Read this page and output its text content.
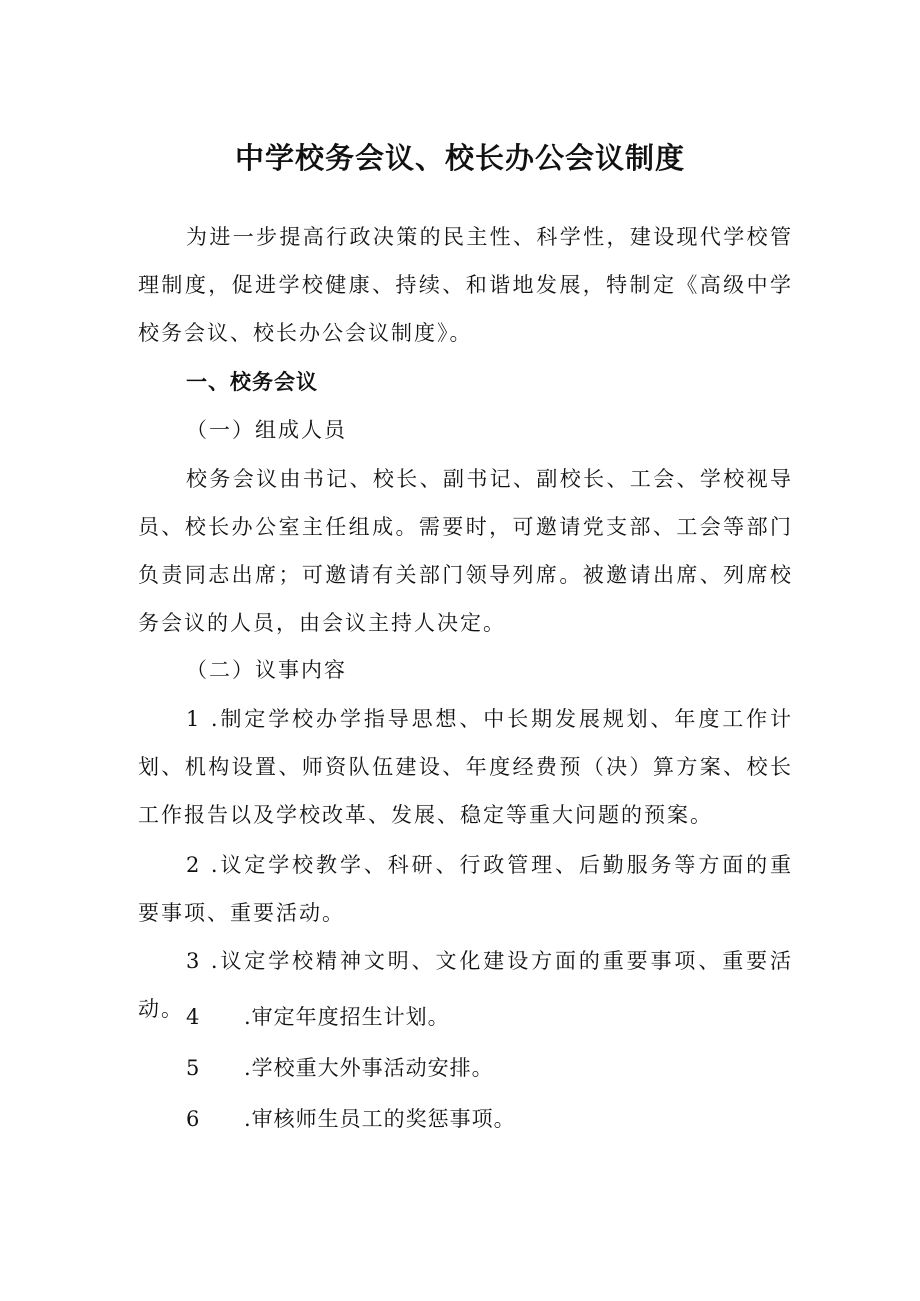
中学校务会议、校长办公会议制度
为进一步提高行政决策的民主性、科学性，建设现代学校管理制度，促进学校健康、持续、和谐地发展，特制定《高级中学校务会议、校长办公会议制度》。
一、校务会议
（一）组成人员
校务会议由书记、校长、副书记、副校长、工会、学校视导员、校长办公室主任组成。需要时，可邀请党支部、工会等部门负责同志出席；可邀请有关部门领导列席。被邀请出席、列席校务会议的人员，由会议主持人决定。
（二）议事内容
1 .制定学校办学指导思想、中长期发展规划、年度工作计划、机构设置、师资队伍建设、年度经费预（决）算方案、校长工作报告以及学校改革、发展、稳定等重大问题的预案。
2 .议定学校教学、科研、行政管理、后勤服务等方面的重要事项、重要活动。
3 .议定学校精神文明、文化建设方面的重要事项、重要活动。 4 .审定年度招生计划。
5 .学校重大外事活动安排。
6 .审核师生员工的奖惩事项。
